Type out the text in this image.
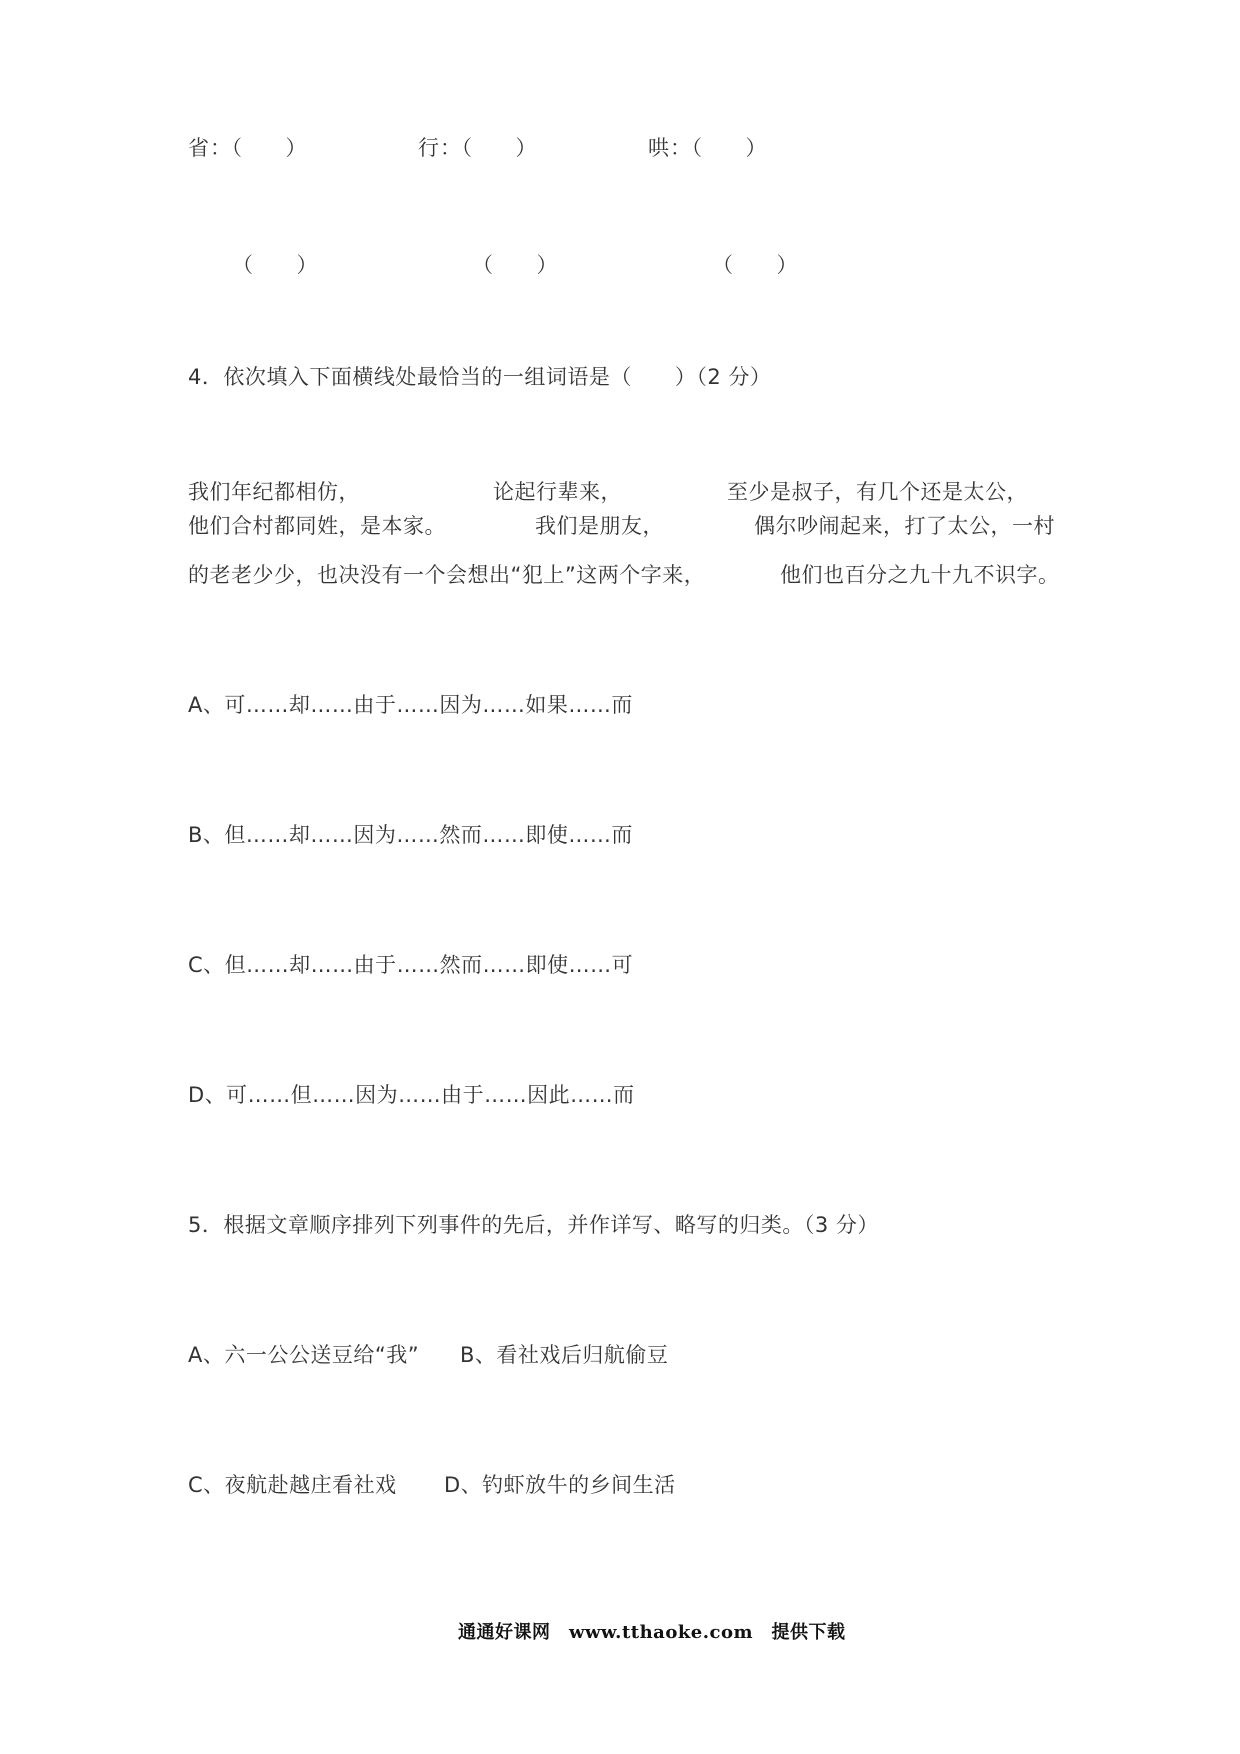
省 ：（　　）	行 ：（　　）	哄 ：（　　）
（　　）	（　　）	（　　）
4．依次填入下面横线处最恰当的一组词语是（　　）（2 分）
我们年纪都相仿，	论起行辈来，	至少是叔子，有几个还是太公，
他们合村都同姓，是本家。	我们是朋友，	偶尔吵闹起来，打了太公，一村
的老老少少，也决没有一个会想出“犯上”这两个字来，	他们也百分之九十九不识字。
A、可……却……由于……因为……如果……而
B、但……却……因为……然而……即使……而
C、但……却……由于……然而……即使……可
D、可……但……因为……由于……因此……而
5．根据文章顺序排列下列事件的先后，并作详写、略写的归类。（3 分）
A、六一公公送豆给“我” B、看社戏后归航偷豆
C、夜航赴越庄看社戏 D、钓虾放牛的乡间生活
通通好课网　www.tthaoke.com　提供下载
